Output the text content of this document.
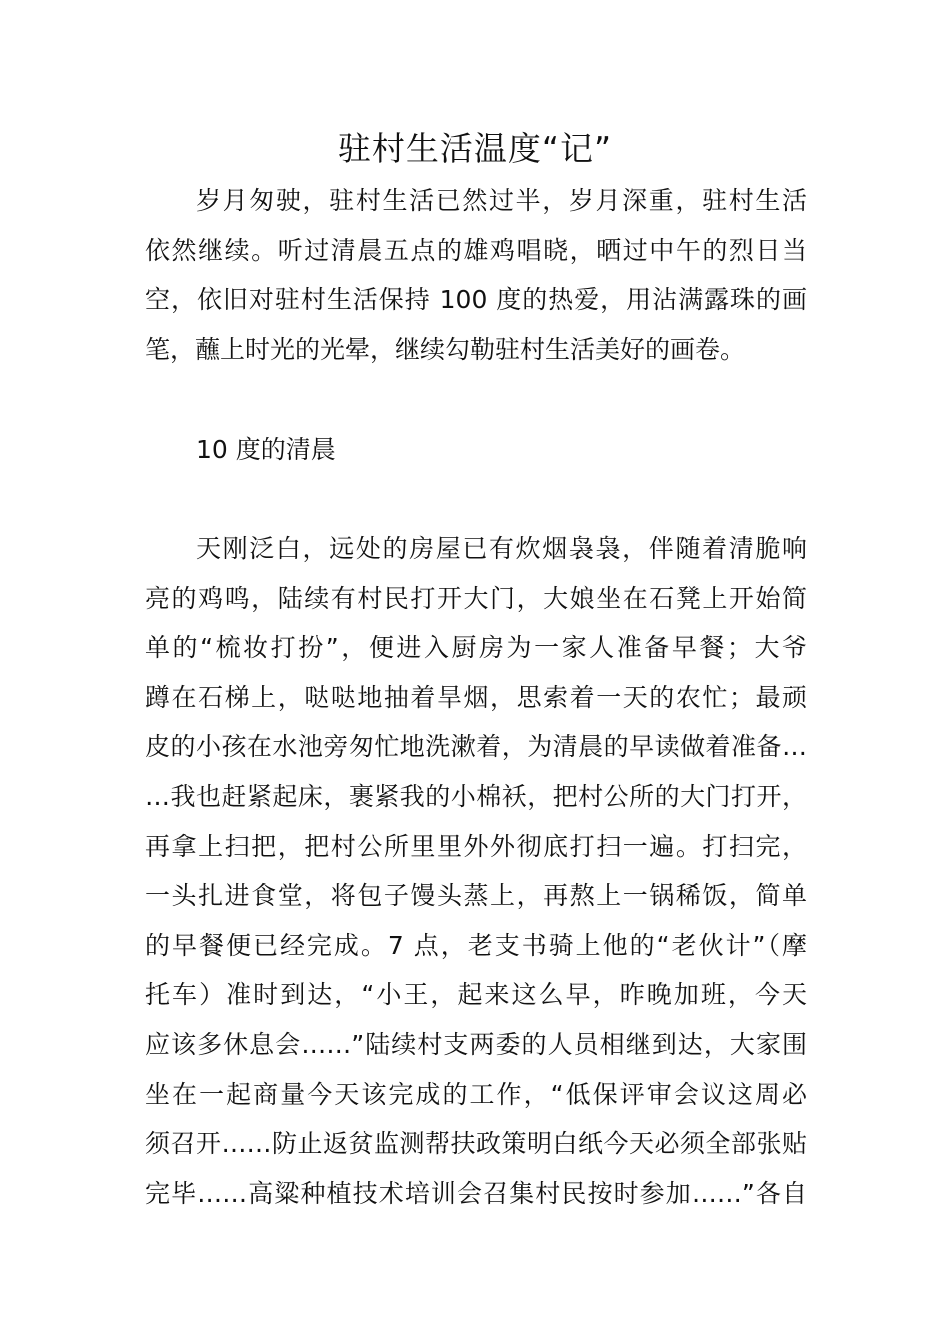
驻村生活温度“记”
岁月匆驶，驻村生活已然过半，岁月深重，驻村生活
依然继续。听过清晨五点的雄鸡唱晓，晒过中午的烈日当
空，依旧对驻村生活保持 100 度的热爱，用沾满露珠的画
笔，蘸上时光的光晕，继续勾勒驻村生活美好的画卷。
10 度的清晨
天刚泛白，远处的房屋已有炊烟袅袅，伴随着清脆响
亮的鸡鸣，陆续有村民打开大门，大娘坐在石凳上开始简
单的“梳妆打扮”，便进入厨房为一家人准备早餐；大爷
蹲在石梯上，哒哒地抽着旱烟，思索着一天的农忙；最顽
皮的小孩在水池旁匆忙地洗漱着，为清晨的早读做着准备…
…我也赶紧起床，裹紧我的小棉袄，把村公所的大门打开，
再拿上扫把，把村公所里里外外彻底打扫一遍。打扫完，
一头扎进食堂，将包子馒头蒸上，再熬上一锅稀饭，简单
的早餐便已经完成。7 点，老支书骑上他的“老伙计”（摩
托车）准时到达，“小王，起来这么早，昨晚加班，今天
应该多休息会……”陆续村支两委的人员相继到达，大家围
坐在一起商量今天该完成的工作，“低保评审会议这周必
须召开……防止返贫监测帮扶政策明白纸今天必须全部张贴
完毕……高粱种植技术培训会召集村民按时参加……”各自
